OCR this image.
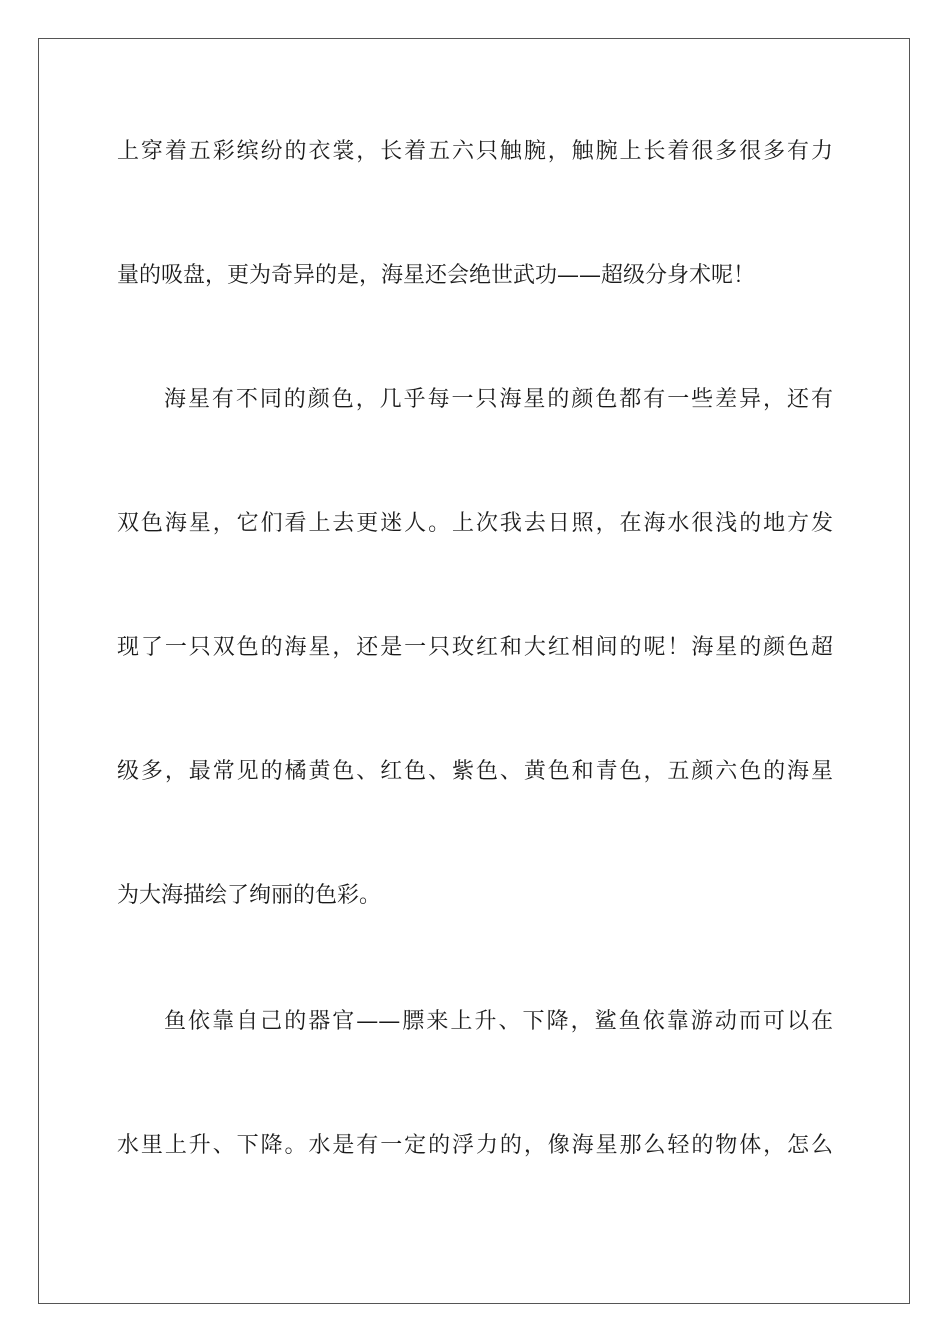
上穿着五彩缤纷的衣裳，长着五六只触腕，触腕上长着很多很多有力
量的吸盘，更为奇异的是，海星还会绝世武功——超级分身术呢！
海星有不同的颜色，几乎每一只海星的颜色都有一些差异，还有
双色海星，它们看上去更迷人。上次我去日照，在海水很浅的地方发
现了一只双色的海星，还是一只玫红和大红相间的呢！海星的颜色超
级多，最常见的橘黄色、红色、紫色、黄色和青色，五颜六色的海星
为大海描绘了绚丽的色彩。
鱼依靠自己的器官——膘来上升、下降，鲨鱼依靠游动而可以在
水里上升、下降。水是有一定的浮力的，像海星那么轻的物体，怎么
